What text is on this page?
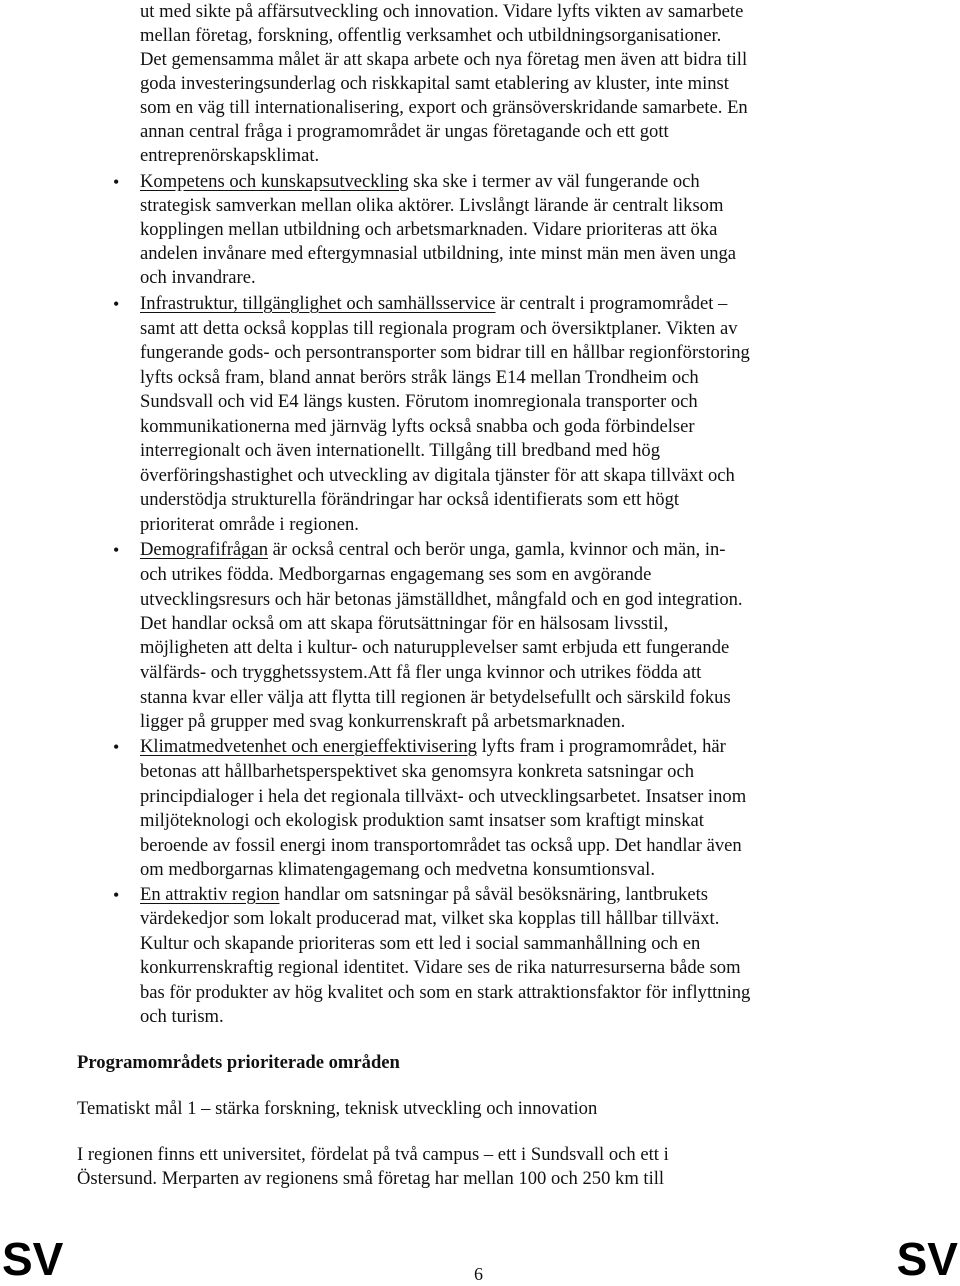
ut med sikte på affärsutveckling och innovation. Vidare lyfts vikten av samarbete
mellan företag, forskning, offentlig verksamhet och utbildningsorganisationer.
Det gemensamma målet är att skapa arbete och nya företag men även att bidra till
goda investeringsunderlag och riskkapital samt etablering av kluster, inte minst
som en väg till internationalisering, export och gränsöverskridande samarbete. En
annan central fråga i programområdet är ungas företagande och ett gott
entreprenörskapsklimat.
• Kompetens och kunskapsutveckling ska ske i termer av väl fungerande och
strategisk samverkan mellan olika aktörer. Livslångt lärande är centralt liksom
kopplingen mellan utbildning och arbetsmarknaden. Vidare prioriteras att öka
andelen invånare med eftergymnasial utbildning, inte minst män men även unga
och invandrare.
• Infrastruktur, tillgänglighet och samhällsservice är centralt i programområdet –
samt att detta också kopplas till regionala program och översiktplaner. Vikten av
fungerande gods- och persontransporter som bidrar till en hållbar regionförstoring
lyfts också fram, bland annat berörs stråk längs E14 mellan Trondheim och
Sundsvall och vid E4 längs kusten. Förutom inomregionala transporter och
kommunikationerna med järnväg lyfts också snabba och goda förbindelser
interregionalt och även internationellt. Tillgång till bredband med hög
överföringshastighet och utveckling av digitala tjänster för att skapa tillväxt och
understödja strukturella förändringar har också identifierats som ett högt
prioriterat område i regionen.
• Demografifrågan är också central och berör unga, gamla, kvinnor och män, in-
och utrikes födda. Medborgarnas engagemang ses som en avgörande
utvecklingsresurs och här betonas jämställdhet, mångfald och en god integration.
Det handlar också om att skapa förutsättningar för en hälsosam livsstil,
möjligheten att delta i kultur- och naturupplevelser samt erbjuda ett fungerande
välfärds- och trygghetssystem.Att få fler unga kvinnor och utrikes födda att
stanna kvar eller välja att flytta till regionen är betydelsefullt och särskild fokus
ligger på grupper med svag konkurrenskraft på arbetsmarknaden.
• Klimatmedvetenhet och energieffektivisering lyfts fram i programområdet, här
betonas att hållbarhetsperspektivet ska genomsyra konkreta satsningar och
principdialoger i hela det regionala tillväxt- och utvecklingsarbetet. Insatser inom
miljöteknologi och ekologisk produktion samt insatser som kraftigt minskat
beroende av fossil energi inom transportområdet tas också upp. Det handlar även
om medborgarnas klimatengagemang och medvetna konsumtionsval.
• En attraktiv region handlar om satsningar på såväl besöksnäring, lantbrukets
värdekedjor som lokalt producerad mat, vilket ska kopplas till hållbar tillväxt.
Kultur och skapande prioriteras som ett led i social sammanhållning och en
konkurrenskraftig regional identitet. Vidare ses de rika naturresurserna både som
bas för produkter av hög kvalitet och som en stark attraktionsfaktor för inflyttning
och turism.
Programområdets prioriterade områden
Tematiskt mål 1 – stärka forskning, teknisk utveckling och innovation
I regionen finns ett universitet, fördelat på två campus – ett i Sundsvall och ett i
Östersund. Merparten av regionens små företag har mellan 100 och 250 km till
SV	6	SV
